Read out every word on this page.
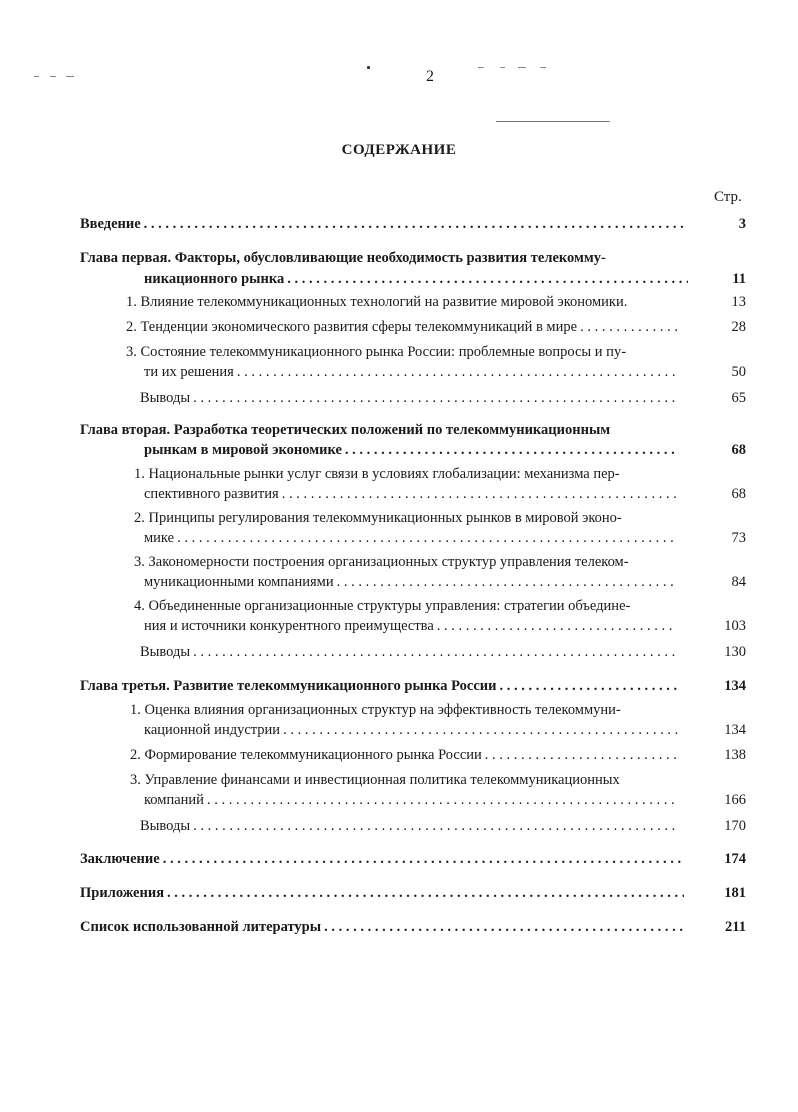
2
СОДЕРЖАНИЕ
Стр.
Введение . . .	3
Глава первая. Факторы, обусловливающие необходимость развития телекомму-
никационного рынка . . .	11
1. Влияние телекоммуникационных технологий на развитие мировой экономики.	13
2. Тенденции экономического развития сферы телекоммуникаций в мире . . .	28
3. Состояние телекоммуникационного рынка России: проблемные вопросы и пу-
ти их решения . . .	50
Выводы . . .	65
Глава вторая. Разработка теоретических положений по телекоммуникационным
рынкам в мировой экономике . . .	68
1. Национальные рынки услуг связи в условиях глобализации: механизма пер-
спективного развития . . .	68
2. Принципы регулирования телекоммуникационных рынков в мировой эконо-
мике . . .	73
3. Закономерности построения организационных структур управления телеком-
муникационными компаниями . . .	84
4. Объединенные организационные структуры управления: стратегии объедине-
ния и источники конкурентного преимущества . . .	103
Выводы . . .	130
Глава третья. Развитие телекоммуникационного рынка России . . .	134
1. Оценка влияния организационных структур на эффективность телекоммуни-
кационной индустрии . . .	134
2. Формирование телекоммуникационного рынка России . . .	138
3. Управление финансами и инвестиционная политика телекоммуникационных
компаний . . .	166
Выводы . . .	170
Заключение . . .	174
Приложения . . .	181
Список использованной литературы . . .	211
